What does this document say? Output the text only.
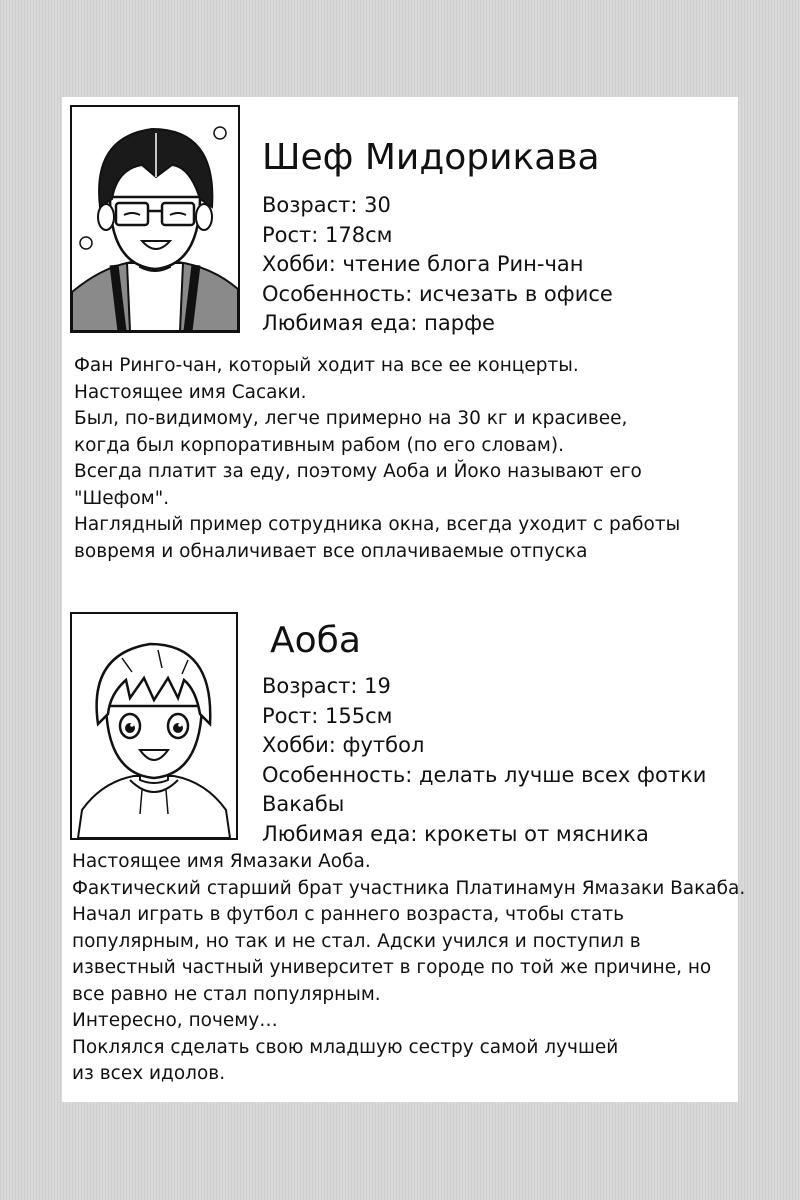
Шеф Мидорикава
Возраст: 30
Рост: 178см
Хобби: чтение блога Рин-чан
Особенность: исчезать в офисе
Любимая еда: парфе
Фан Ринго-чан, который ходит на все ее концерты.
Настоящее имя Сасаки.
Был, по-видимому, легче примерно на 30 кг и красивее,
когда был корпоративным рабом (по его словам).
Всегда платит за еду, поэтому Аоба и Йоко называют его
"Шефом".
Наглядный пример сотрудника окна, всегда уходит с работы
вовремя и обналичивает все оплачиваемые отпуска
Аоба
Возраст: 19
Рост: 155см
Хобби: футбол
Особенность: делать лучше всех фотки
Вакабы
Любимая еда: крокеты от мясника
Настоящее имя Ямазаки Аоба.
Фактический старший брат участника Платинамун Ямазаки Вакаба.
Начал играть в футбол с раннего возраста, чтобы стать
популярным, но так и не стал. Адски учился и поступил в
известный частный университет в городе по той же причине, но
все равно не стал популярным.
Интересно, почему…
Поклялся сделать свою младшую сестру самой лучшей
из всех идолов.
